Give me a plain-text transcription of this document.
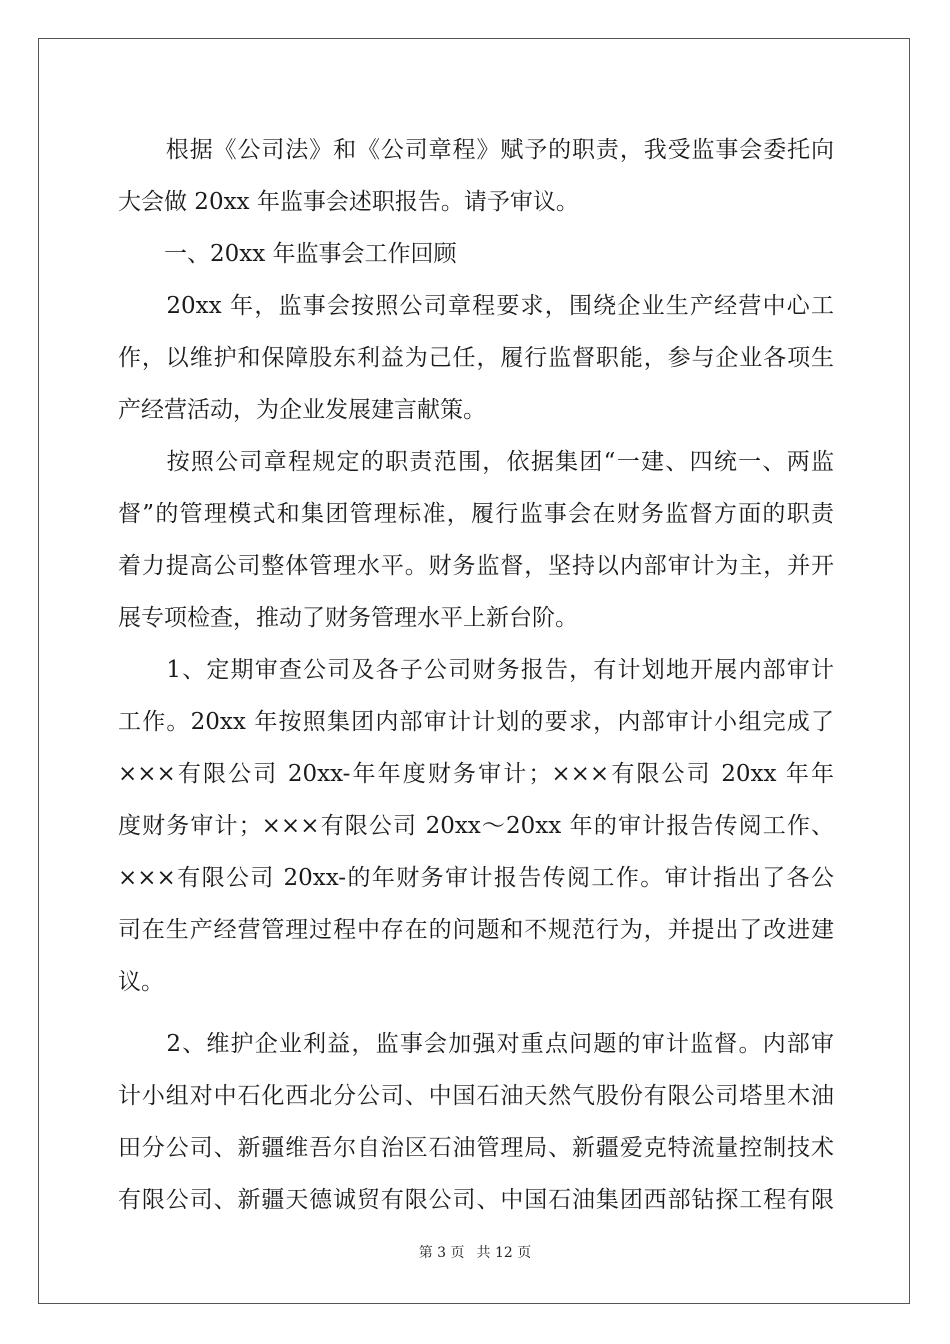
　　根据《公司法》和《公司章程》赋予的职责，我受监事会委托向
大会做 20xx 年监事会述职报告。请予审议。
　　一、20xx 年监事会工作回顾
　　20xx 年，监事会按照公司章程要求，围绕企业生产经营中心工
作，以维护和保障股东利益为己任，履行监督职能，参与企业各项生
产经营活动，为企业发展建言献策。
　　按照公司章程规定的职责范围，依据集团“一建、四统一、两监
督”的管理模式和集团管理标准，履行监事会在财务监督方面的职责
着力提高公司整体管理水平。财务监督，坚持以内部审计为主，并开
展专项检查，推动了财务管理水平上新台阶。
　　1、定期审查公司及各子公司财务报告，有计划地开展内部审计
工作。20xx 年按照集团内部审计计划的要求，内部审计小组完成了
×××有限公司 20xx-年年度财务审计；×××有限公司 20xx 年年
度财务审计；×××有限公司 20xx～20xx 年的审计报告传阅工作、
×××有限公司 20xx-的年财务审计报告传阅工作。审计指出了各公
司在生产经营管理过程中存在的问题和不规范行为，并提出了改进建
议。
　　2、维护企业利益，监事会加强对重点问题的审计监督。内部审
计小组对中石化西北分公司、中国石油天然气股份有限公司塔里木油
田分公司、新疆维吾尔自治区石油管理局、新疆爱克特流量控制技术
有限公司、新疆天德诚贸有限公司、中国石油集团西部钻探工程有限
第 3 页 共 12 页
